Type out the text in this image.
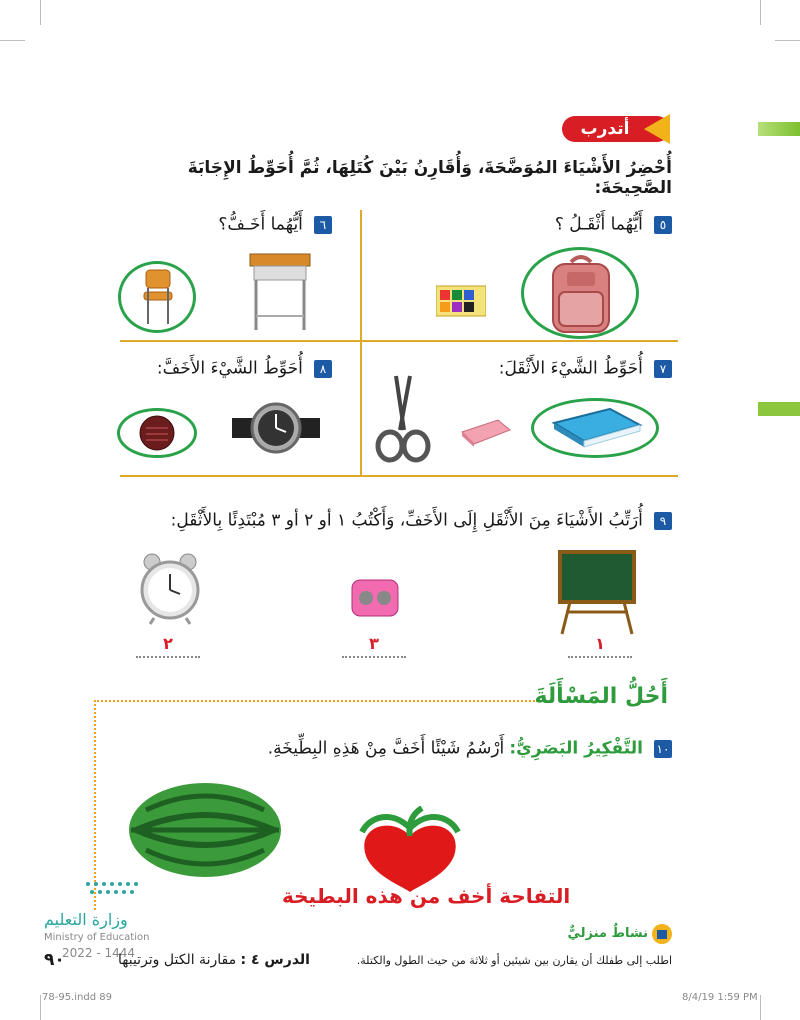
أتدرب
أُحْضِرُ الأَشْيَاءَ المُوَضَّحَةَ، وَأُقَارِنُ بَيْنَ كُتَلِهَا، ثُمَّ أُحَوِّطُ الإِجَابَةَ الصَّحِيحَةَ:
٥ أَيُّهُما أَثْقَـلُ ؟
٦ أَيُّهُما أَخَـفُّ؟
٧ أُحَوِّطُ الشَّيْءَ الأَثْقَلَ:
٨ أُحَوِّطُ الشَّيْءَ الأَخَفَّ:
٩ أُرَتِّبُ الأَشْيَاءَ مِنَ الأَثْقَلِ إِلَى الأَخَفِّ، وَأَكْتُبُ ١ أو ٢ أو ٣ مُبْتَدِئًا بِالأَثْقَلِ:
١
٣
٢
أَحُلُّ المَسْأَلَةَ
١٠ التَّفْكِيرُ البَصَرِيُّ: أَرْسُمُ شَيْئًا أَخَفَّ مِنْ هَذِهِ البِطِّيخَةِ.
التفاحة أخف من هذه البطيخة
وزارة التعليم
Ministry of Education
2022 - 1444
٩٠	الدرس ٤ : مقارنة الكتل وترتيبها
نشاطٌ منزليٌّ
اطلب إلى طفلك أن يقارن بين شيئين أو ثلاثة من حيث الطول والكتلة.
78-95.indd 89	8/4/19 1:59 PM
